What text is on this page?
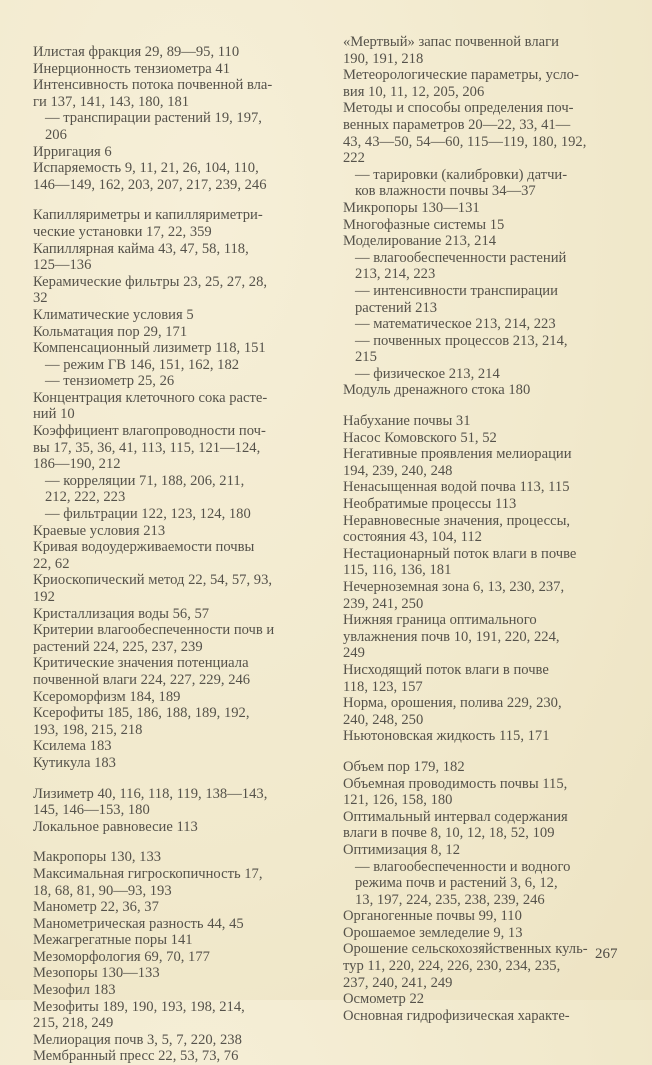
Илистая фракция 29, 89—95, 110
Инерционность тензиометра 41
Интенсивность потока почвенной вла-
ги 137, 141, 143, 180, 181
— транспирации растений 19, 197,
206
Ирригация 6
Испаряемость 9, 11, 21, 26, 104, 110,
146—149, 162, 203, 207, 217, 239, 246
Капилляриметры и капилляриметри-
ческие установки 17, 22, 359
Капиллярная кайма 43, 47, 58, 118,
125—136
Керамические фильтры 23, 25, 27, 28,
32
Климатические условия 5
Кольматация пор 29, 171
Компенсационный лизиметр 118, 151
— режим ГВ 146, 151, 162, 182
— тензиометр 25, 26
Концентрация клеточного сока расте-
ний 10
Коэффициент влагопроводности поч-
вы 17, 35, 36, 41, 113, 115, 121—124,
186—190, 212
— корреляции 71, 188, 206, 211,
212, 222, 223
— фильтрации 122, 123, 124, 180
Краевые условия 213
Кривая водоудерживаемости почвы
22, 62
Криоскопический метод 22, 54, 57, 93,
192
Кристаллизация воды 56, 57
Критерии влагообеспеченности почв и
растений 224, 225, 237, 239
Критические значения потенциала
почвенной влаги 224, 227, 229, 246
Ксероморфизм 184, 189
Ксерофиты 185, 186, 188, 189, 192,
193, 198, 215, 218
Ксилема 183
Кутикула 183
Лизиметр 40, 116, 118, 119, 138—143,
145, 146—153, 180
Локальное равновесие 113
Макропоры 130, 133
Максимальная гигроскопичность 17,
18, 68, 81, 90—93, 193
Манометр 22, 36, 37
Манометрическая разность 44, 45
Межагрегатные поры 141
Мезоморфология 69, 70, 177
Мезопоры 130—133
Мезофил 183
Мезофиты 189, 190, 193, 198, 214,
215, 218, 249
Мелиорация почв 3, 5, 7, 220, 238
Мембранный пресс 22, 53, 73, 76
«Мертвый» запас почвенной влаги
190, 191, 218
Метеорологические параметры, усло-
вия 10, 11, 12, 205, 206
Методы и способы определения поч-
венных параметров 20—22, 33, 41—
43, 43—50, 54—60, 115—119, 180, 192,
222
— тарировки (калибровки) датчи-
ков влажности почвы 34—37
Микропоры 130—131
Многофазные системы 15
Моделирование 213, 214
— влагообеспеченности растений
213, 214, 223
— интенсивности транспирации
растений 213
— математическое 213, 214, 223
— почвенных процессов 213, 214,
215
— физическое 213, 214
Модуль дренажного стока 180
Набухание почвы 31
Насос Комовского 51, 52
Негативные проявления мелиорации
194, 239, 240, 248
Ненасыщенная водой почва 113, 115
Необратимые процессы 113
Неравновесные значения, процессы,
состояния 43, 104, 112
Нестационарный поток влаги в почве
115, 116, 136, 181
Нечерноземная зона 6, 13, 230, 237,
239, 241, 250
Нижняя граница оптимального
увлажнения почв 10, 191, 220, 224,
249
Нисходящий поток влаги в почве
118, 123, 157
Норма, орошения, полива 229, 230,
240, 248, 250
Ньютоновская жидкость 115, 171
Объем пор 179, 182
Объемная проводимость почвы 115,
121, 126, 158, 180
Оптимальный интервал содержания
влаги в почве 8, 10, 12, 18, 52, 109
Оптимизация 8, 12
— влагообеспеченности и водного
режима почв и растений 3, 6, 12,
13, 197, 224, 235, 238, 239, 246
Органогенные почвы 99, 110
Орошаемое земледелие 9, 13
Орошение сельскохозяйственных куль-
тур 11, 220, 224, 226, 230, 234, 235,
237, 240, 241, 249
Осмометр 22
Основная гидрофизическая характе-
267
